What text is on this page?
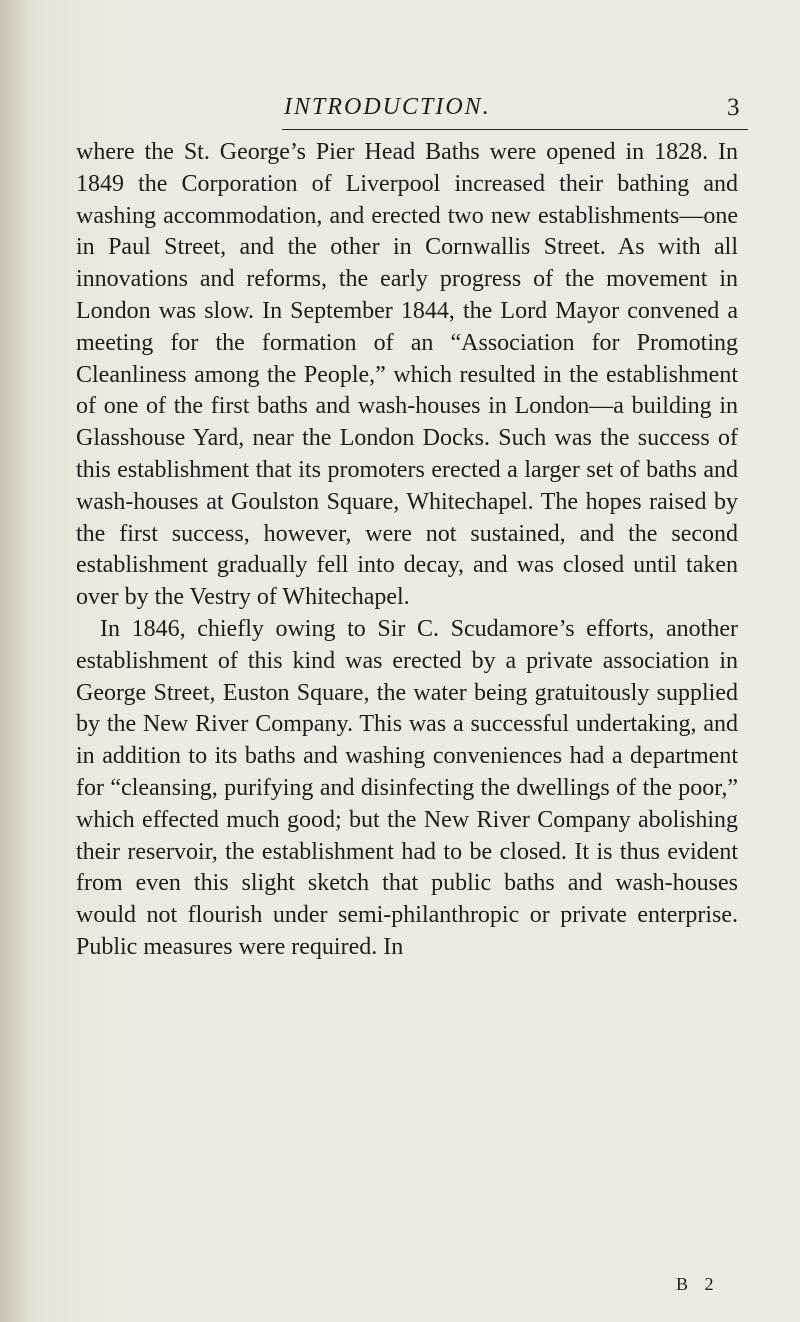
INTRODUCTION.	3

where the St. George’s Pier Head Baths were opened in 1828. In 1849 the Corporation of Liverpool increased their bathing and washing accommodation, and erected two new establishments—one in Paul Street, and the other in Cornwallis Street. As with all innovations and reforms, the early progress of the movement in London was slow. In September 1844, the Lord Mayor convened a meeting for the formation of an “Association for Promoting Cleanliness among the People,” which resulted in the establishment of one of the first baths and wash-houses in London—a building in Glasshouse Yard, near the London Docks. Such was the success of this establishment that its promoters erected a larger set of baths and wash-houses at Goulston Square, Whitechapel. The hopes raised by the first success, however, were not sustained, and the second establishment gradually fell into decay, and was closed until taken over by the Vestry of Whitechapel.

In 1846, chiefly owing to Sir C. Scudamore’s efforts, another establishment of this kind was erected by a private association in George Street, Euston Square, the water being gratuitously supplied by the New River Company. This was a successful undertaking, and in addition to its baths and washing conveniences had a department for “cleansing, purifying and disinfecting the dwellings of the poor,” which effected much good; but the New River Company abolishing their reservoir, the establishment had to be closed. It is thus evident from even this slight sketch that public baths and wash-houses would not flourish under semi-philanthropic or private enterprise. Public measures were required. In

B 2
